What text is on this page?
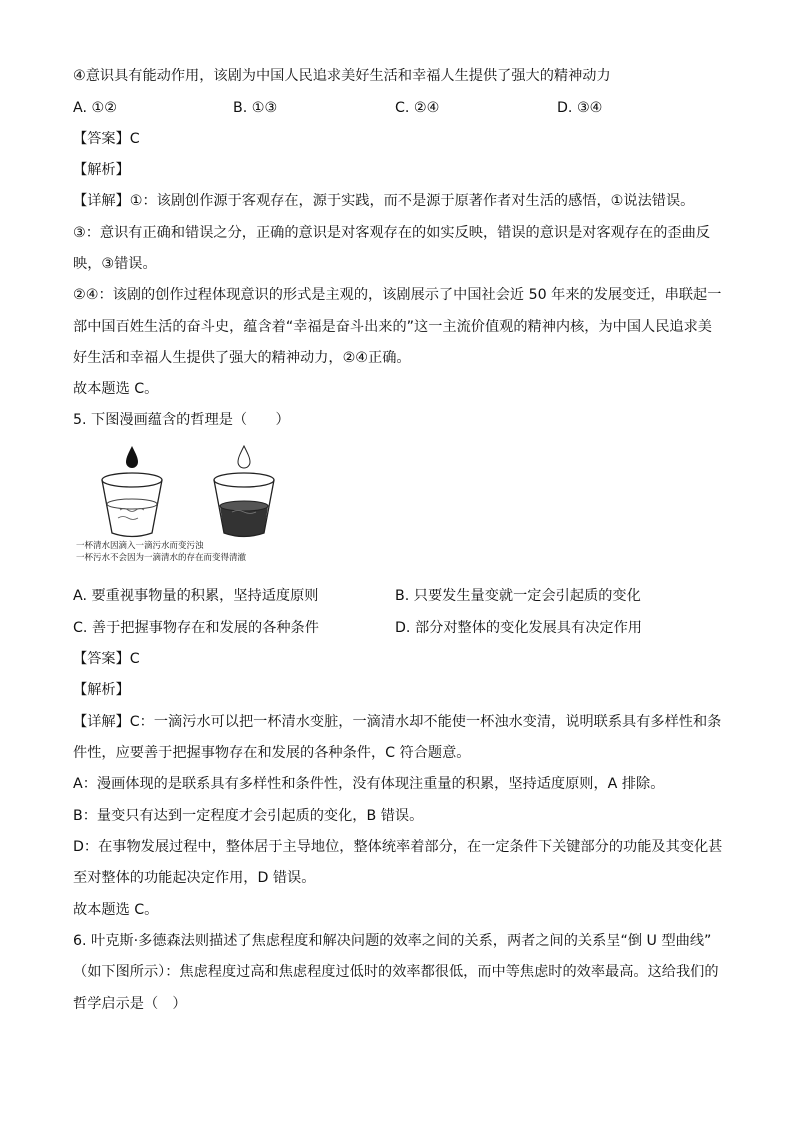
④意识具有能动作用，该剧为中国人民追求美好生活和幸福人生提供了强大的精神动力
A. ①②	B. ①③	C. ②④	D. ③④
【答案】C
【解析】
【详解】①：该剧创作源于客观存在，源于实践，而不是源于原著作者对生活的感悟，①说法错误。
③：意识有正确和错误之分，正确的意识是对客观存在的如实反映，错误的意识是对客观存在的歪曲反
映，③错误。
②④：该剧的创作过程体现意识的形式是主观的，该剧展示了中国社会近 50 年来的发展变迁，串联起一
部中国百姓生活的奋斗史，蕴含着“幸福是奋斗出来的”这一主流价值观的精神内核，为中国人民追求美
好生活和幸福人生提供了强大的精神动力，②④正确。
故本题选 C。
5. 下图漫画蕴含的哲理是（　　）
一杯清水因滴入一滴污水而变污浊
一杯污水不会因为一滴清水的存在而变得清澈
A. 要重视事物量的积累，坚持适度原则	B. 只要发生量变就一定会引起质的变化
C. 善于把握事物存在和发展的各种条件	D. 部分对整体的变化发展具有决定作用
【答案】C
【解析】
【详解】C：一滴污水可以把一杯清水变脏，一滴清水却不能使一杯浊水变清，说明联系具有多样性和条
件性，应要善于把握事物存在和发展的各种条件，C 符合题意。
A：漫画体现的是联系具有多样性和条件性，没有体现注重量的积累，坚持适度原则，A 排除。
B：量变只有达到一定程度才会引起质的变化，B 错误。
D：在事物发展过程中，整体居于主导地位，整体统率着部分，在一定条件下关键部分的功能及其变化甚
至对整体的功能起决定作用，D 错误。
故本题选 C。
6. 叶克斯·多德森法则描述了焦虑程度和解决问题的效率之间的关系，两者之间的关系呈“倒 U 型曲线”
（如下图所示）：焦虑程度过高和焦虑程度过低时的效率都很低，而中等焦虑时的效率最高。这给我们的
哲学启示是（　）
